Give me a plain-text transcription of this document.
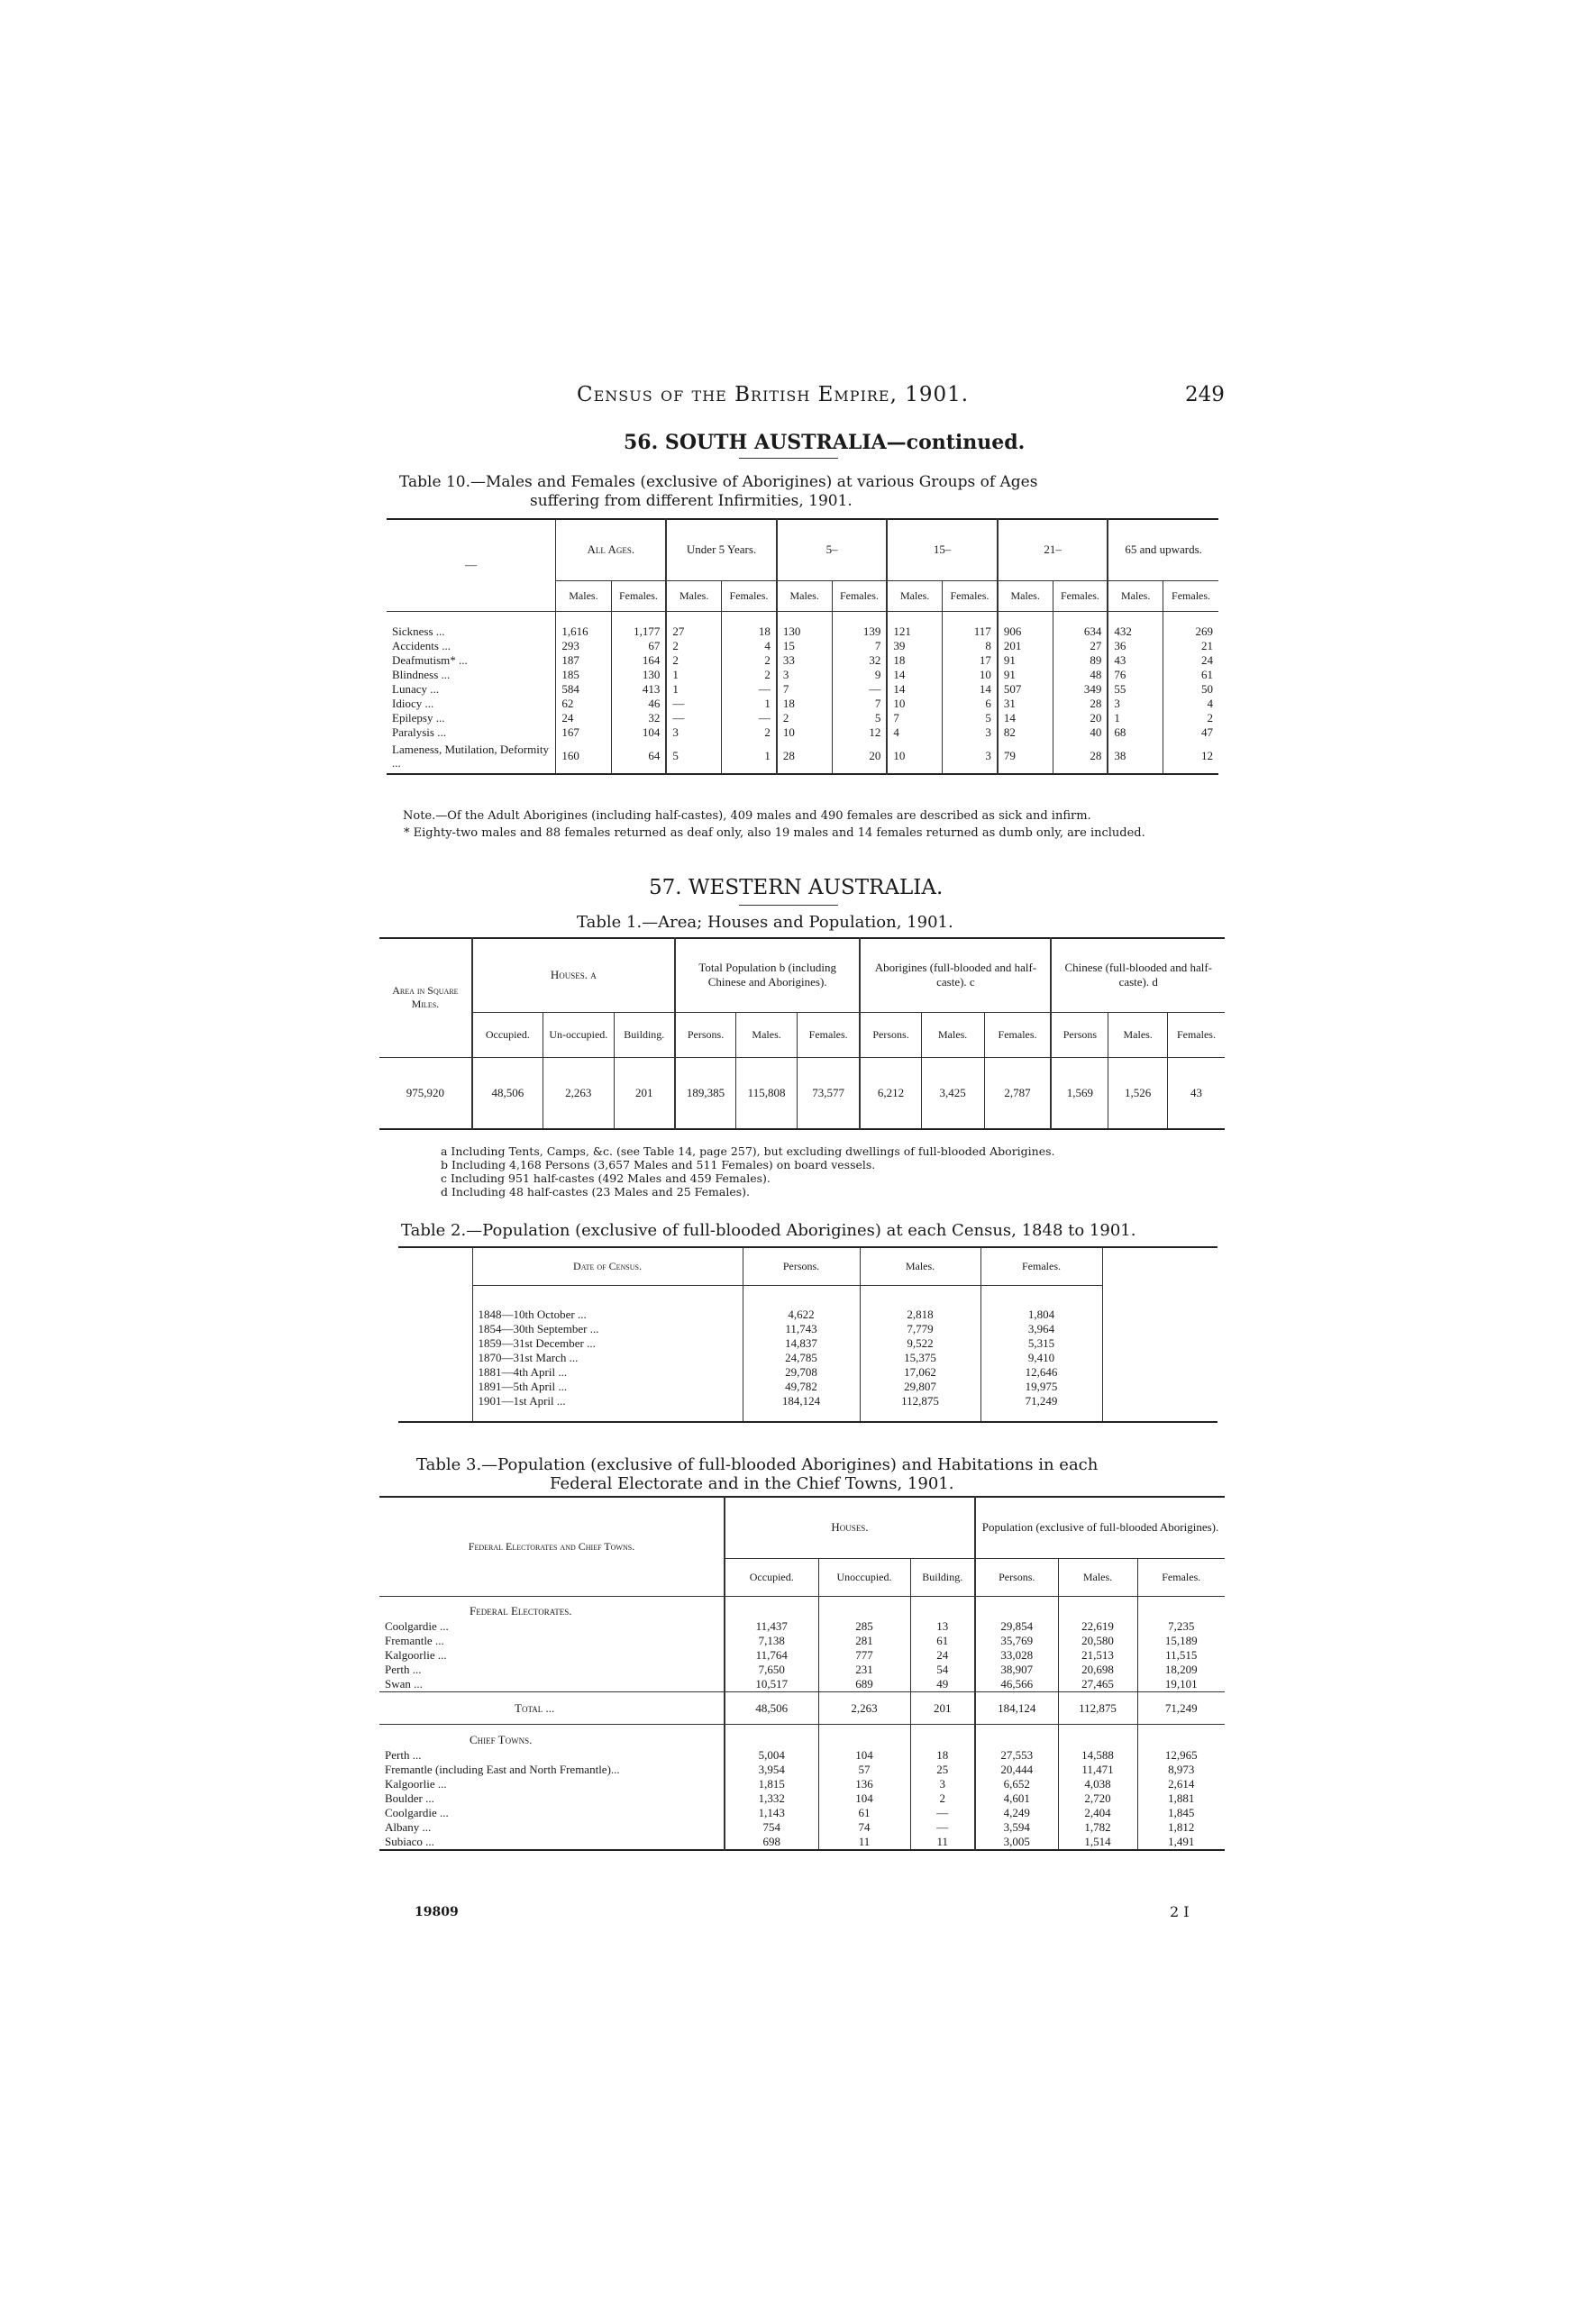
Census of the British Empire, 1901.	249
56. SOUTH AUSTRALIA—continued.
Table 10.—Males and Females (exclusive of Aborigines) at various Groups of Ages
suffering from different Infirmities, 1901.
—	All Ages.		Under 5 Years.		5–		15–		21–		65 and upwards.	
	Males.	Females.	Males.	Females.	Males.	Females.	Males.	Females.	Males.	Females.	Males.	Females.
Sickness ...	1,616	1,177	27	18	130	139	121	117	906	634	432	269
Accidents ...	293	67	2	4	15	7	39	8	201	27	36	21
Deafmutism* ...	187	164	2	2	33	32	18	17	91	89	43	24
Blindness ...	185	130	1	2	3	9	14	10	91	48	76	61
Lunacy ...	584	413	1	—	7	—	14	14	507	349	55	50
Idiocy ...	62	46	—	1	18	7	10	6	31	28	3	4
Epilepsy ...	24	32	—	—	2	5	7	5	14	20	1	2
Paralysis ...	167	104	3	2	10	12	4	3	82	40	68	47
Lameness, Mutilation, Deformity ...	160	64	5	1	28	20	10	3	79	28	38	12
Note.—Of the Adult Aborigines (including half-castes), 409 males and 490 females are described as sick and infirm.
* Eighty-two males and 88 females returned as deaf only, also 19 males and 14 females returned as dumb only, are included.
57. WESTERN AUSTRALIA.
Table 1.—Area; Houses and Population, 1901.
Area in Square Miles.	Houses. a			Total Population b (including Chinese and Aborigines).			Aborigines (full-blooded and half-caste). c			Chinese (full-blooded and half-caste). d		
	Occupied.	Un-occupied.	Building.	Persons.	Males.	Females.	Persons.	Males.	Females.	Persons	Males.	Females.
975,920	48,506	2,263	201	189,385	115,808	73,577	6,212	3,425	2,787	1,569	1,526	43
a Including Tents, Camps, &c. (see Table 14, page 257), but excluding dwellings of full-blooded Aborigines.
b Including 4,168 Persons (3,657 Males and 511 Females) on board vessels.
c Including 951 half-castes (492 Males and 459 Females).
d Including 48 half-castes (23 Males and 25 Females).
Table 2.—Population (exclusive of full-blooded Aborigines) at each Census, 1848 to 1901.
	Date of Census.	Persons.	Males.	Females.	
	1848—10th October ...	4,622	2,818	1,804	
	1854—30th September ...	11,743	7,779	3,964	
	1859—31st December ...	14,837	9,522	5,315	
	1870—31st March ...	24,785	15,375	9,410	
	1881—4th April ...	29,708	17,062	12,646	
	1891—5th April ...	49,782	29,807	19,975	
	1901—1st April ...	184,124	112,875	71,249	
Table 3.—Population (exclusive of full-blooded Aborigines) and Habitations in each
Federal Electorate and in the Chief Towns, 1901.
Federal Electorates and Chief Towns.	Houses.			Population (exclusive of full-blooded Aborigines).		
	Occupied.	Unoccupied.	Building.	Persons.	Males.	Females.
Federal Electorates.						
Coolgardie ...	11,437	285	13	29,854	22,619	7,235
Fremantle ...	7,138	281	61	35,769	20,580	15,189
Kalgoorlie ...	11,764	777	24	33,028	21,513	11,515
Perth ...	7,650	231	54	38,907	20,698	18,209
Swan ...	10,517	689	49	46,566	27,465	19,101
Total ...	48,506	2,263	201	184,124	112,875	71,249
Chief Towns.						
Perth ...	5,004	104	18	27,553	14,588	12,965
Fremantle (including East and North Fremantle)...	3,954	57	25	20,444	11,471	8,973
Kalgoorlie ...	1,815	136	3	6,652	4,038	2,614
Boulder ...	1,332	104	2	4,601	2,720	1,881
Coolgardie ...	1,143	61	—	4,249	2,404	1,845
Albany ...	754	74	—	3,594	1,782	1,812
Subiaco ...	698	11	11	3,005	1,514	1,491
19809	2 I
